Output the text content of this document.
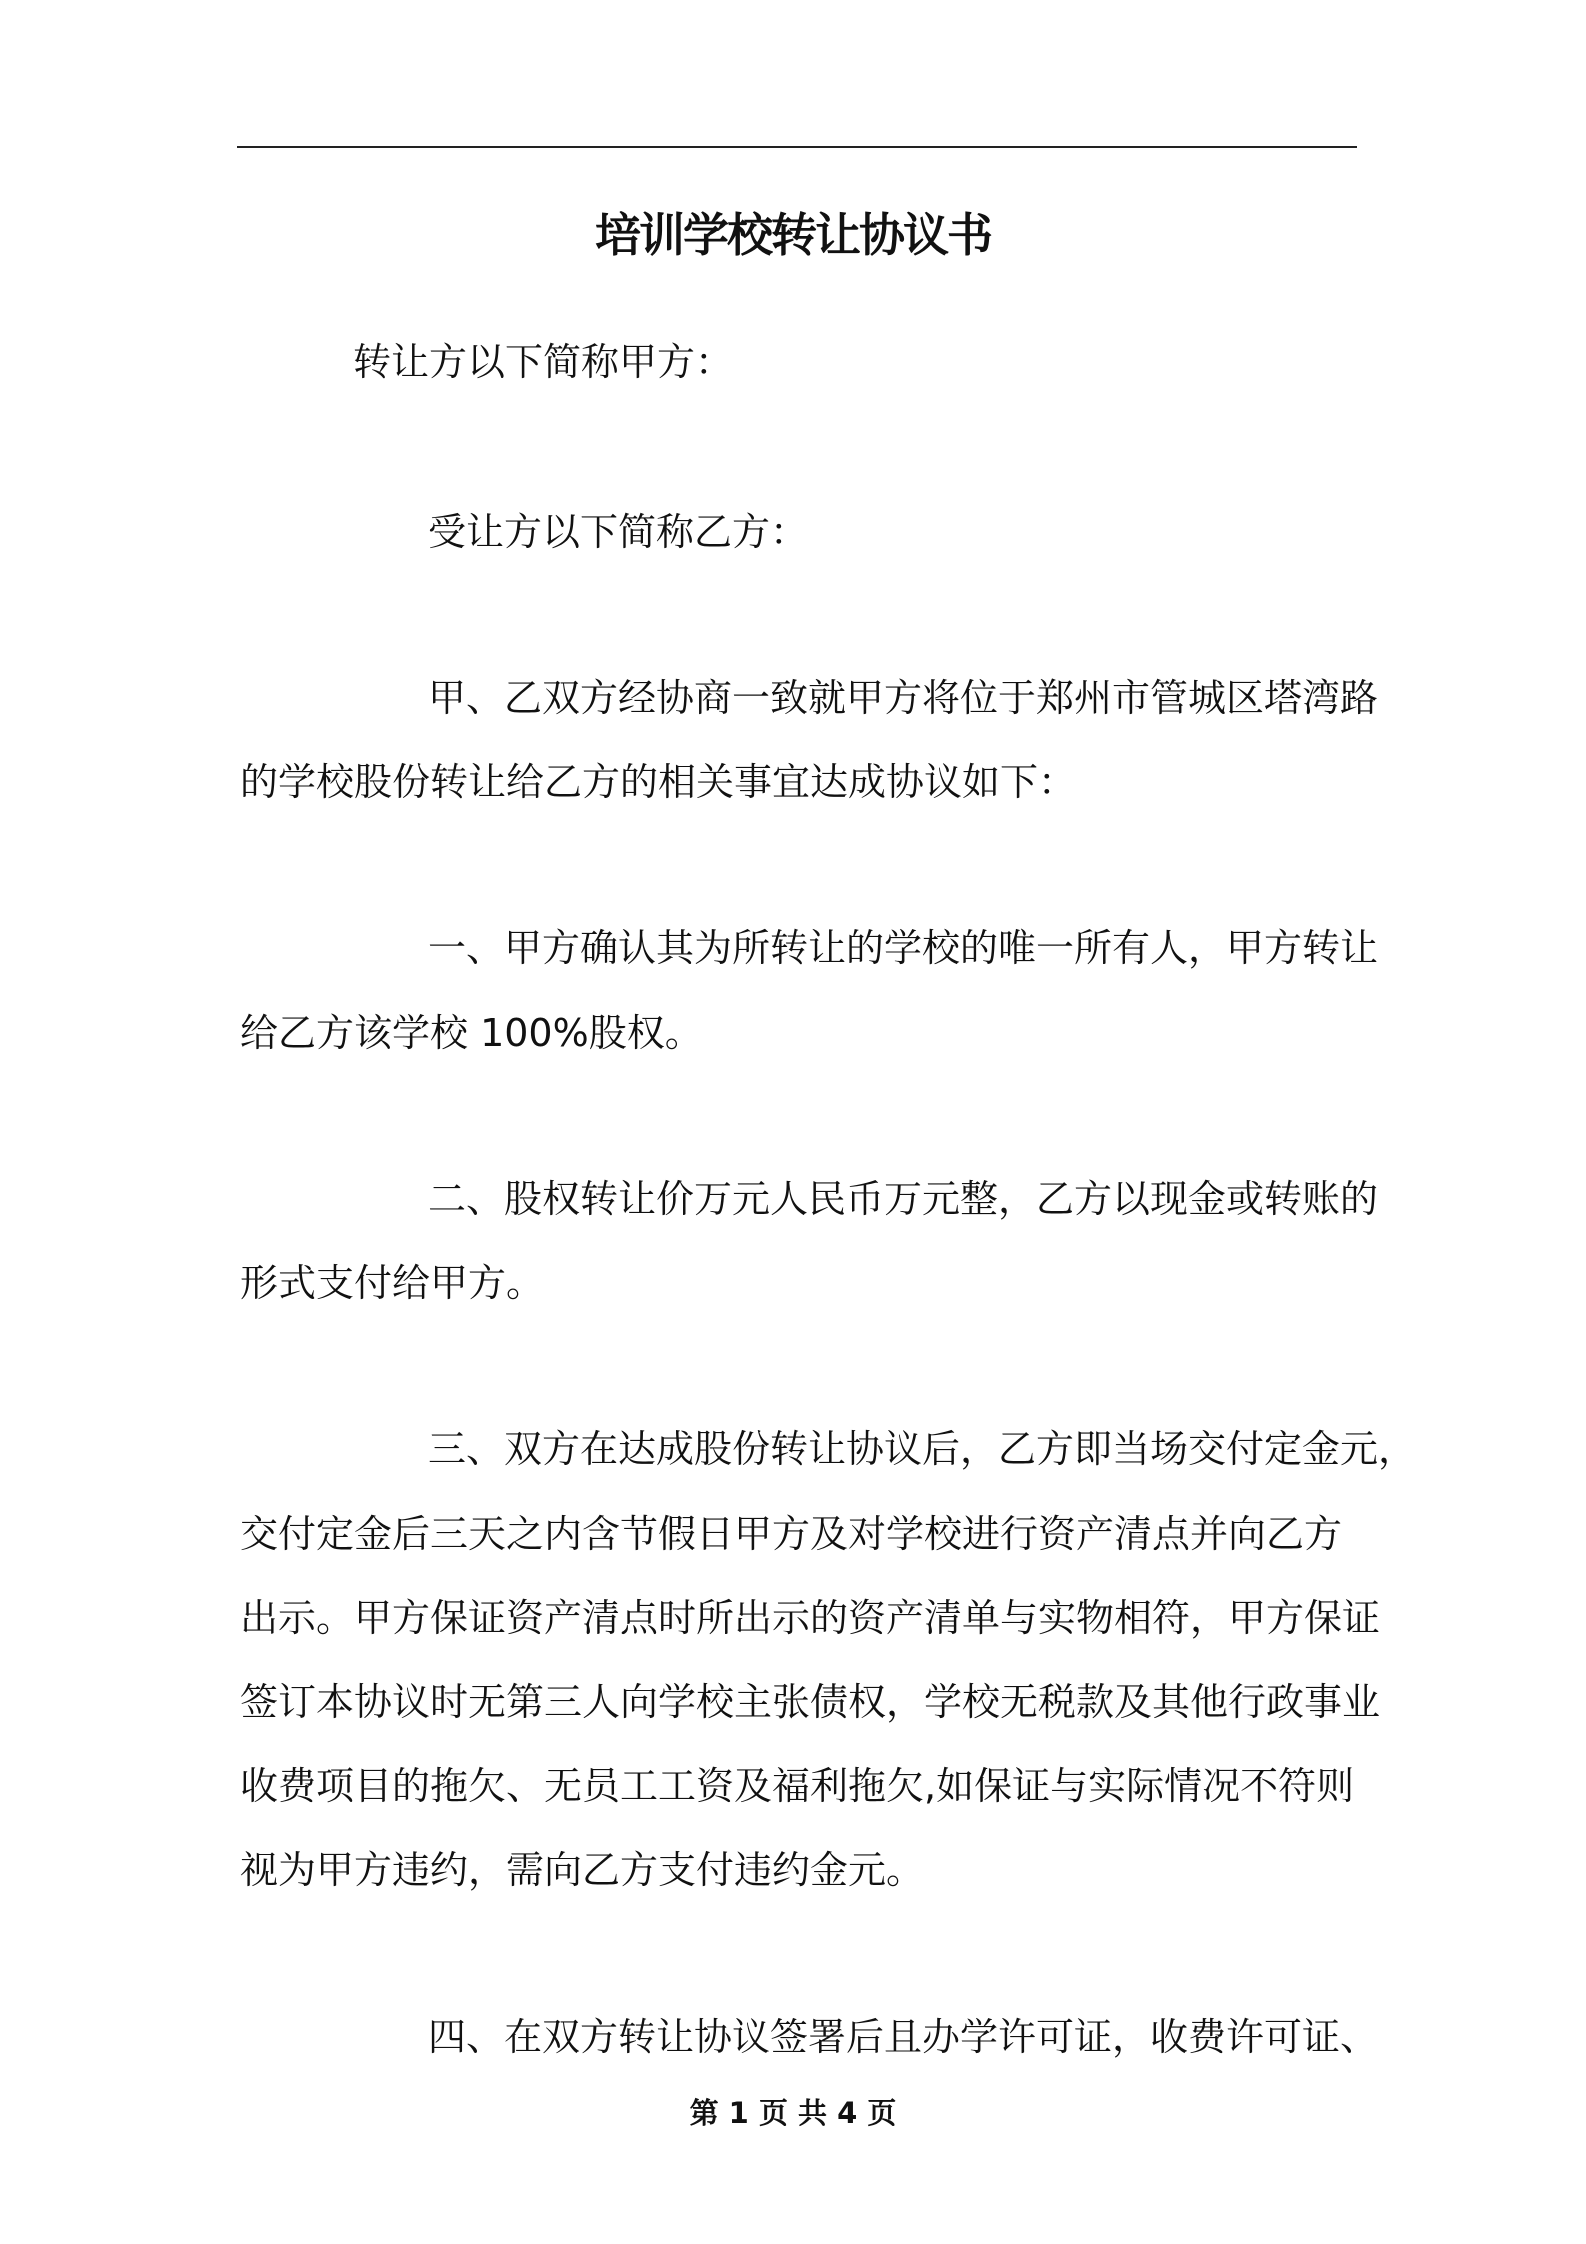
培训学校转让协议书
转让方以下简称甲方：
受让方以下简称乙方：
甲、乙双方经协商一致就甲方将位于郑州市管城区塔湾路
的学校股份转让给乙方的相关事宜达成协议如下：
一、甲方确认其为所转让的学校的唯一所有人，甲方转让
给乙方该学校 100%股权。
二、股权转让价万元人民币万元整，乙方以现金或转账的
形式支付给甲方。
三、双方在达成股份转让协议后，乙方即当场交付定金元，
交付定金后三天之内含节假日甲方及对学校进行资产清点并向乙方
出示。甲方保证资产清点时所出示的资产清单与实物相符，甲方保证
签订本协议时无第三人向学校主张债权，学校无税款及其他行政事业
收费项目的拖欠、无员工工资及福利拖欠,如保证与实际情况不符则
视为甲方违约，需向乙方支付违约金元。
四、在双方转让协议签署后且办学许可证，收费许可证、
第 1 页 共 4 页
